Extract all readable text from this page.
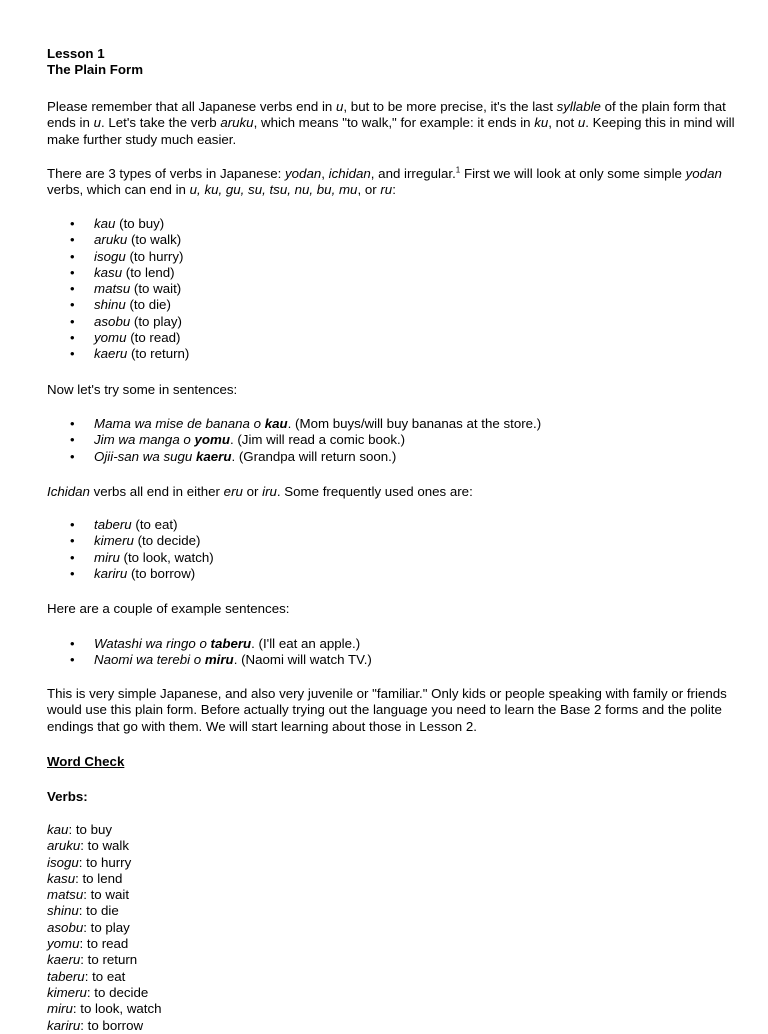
Lesson 1
The Plain Form

Please remember that all Japanese verbs end in u, but to be more precise, it's the last syllable of the plain form that ends in u. Let's take the verb aruku, which means "to walk," for example: it ends in ku, not u. Keeping this in mind will make further study much easier.

There are 3 types of verbs in Japanese: yodan, ichidan, and irregular.$^1$ First we will look at only some simple yodan verbs, which can end in u, ku, gu, su, tsu, nu, bu, mu, or ru:

• kau (to buy)
• aruku (to walk)
• isogu (to hurry)
• kasu (to lend)
• matsu (to wait)
• shinu (to die)
• asobu (to play)
• yomu (to read)
• kaeru (to return)

Now let's try some in sentences:

• Mama wa mise de banana o kau. (Mom buys/will buy bananas at the store.)
• Jim wa manga o yomu. (Jim will read a comic book.)
• Ojii-san wa sugu kaeru. (Grandpa will return soon.)

Ichidan verbs all end in either eru or iru. Some frequently used ones are:

• taberu (to eat)
• kimeru (to decide)
• miru (to look, watch)
• kariru (to borrow)

Here are a couple of example sentences:

• Watashi wa ringo o taberu. (I'll eat an apple.)
• Naomi wa terebi o miru. (Naomi will watch TV.)

This is very simple Japanese, and also very juvenile or "familiar." Only kids or people speaking with family or friends would use this plain form. Before actually trying out the language you need to learn the Base 2 forms and the polite endings that go with them. We will start learning about those in Lesson 2.

Word Check
Verbs:
kau: to buy
aruku: to walk
isogu: to hurry
kasu: to lend
matsu: to wait
shinu: to die
asobu: to play
yomu: to read
kaeru: to return
taberu: to eat
kimeru: to decide
miru: to look, watch
kariru: to borrow
